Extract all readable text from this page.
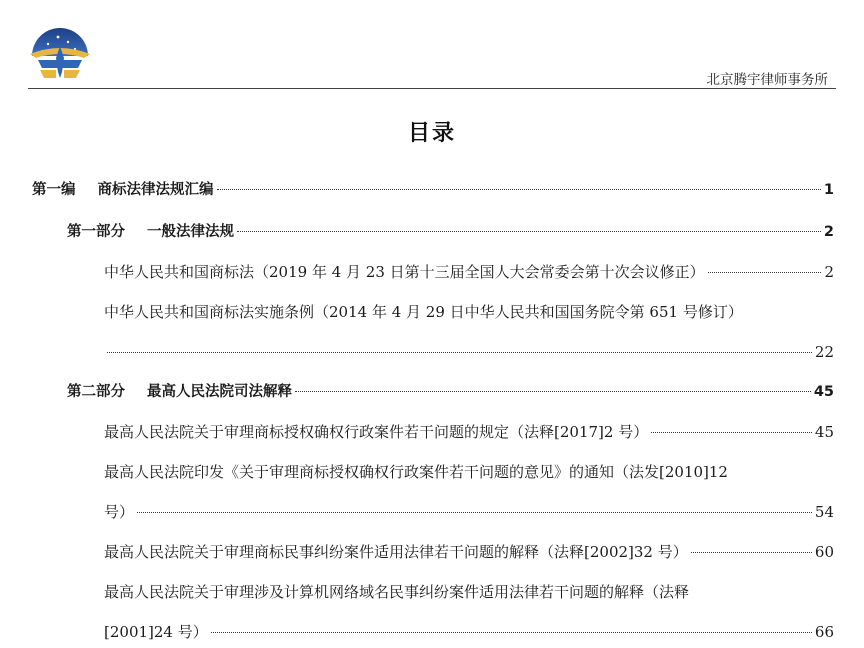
北京腾宇律师事务所
目录
第一编 商标法律法规汇编	1
第一部分 一般法律法规	2
中华人民共和国商标法（2019 年 4 月 23 日第十三届全国人大会常委会第十次会议修正）	2
中华人民共和国商标法实施条例（2014 年 4 月 29 日中华人民共和国国务院令第 651 号修订）
22
第二部分 最高人民法院司法解释	45
最高人民法院关于审理商标授权确权行政案件若干问题的规定（法释[2017]2 号）	45
最高人民法院印发《关于审理商标授权确权行政案件若干问题的意见》的通知（法发[2010]12
号）	54
最高人民法院关于审理商标民事纠纷案件适用法律若干问题的解释（法释[2002]32 号）	60
最高人民法院关于审理涉及计算机网络域名民事纠纷案件适用法律若干问题的解释（法释
[2001]24 号）	66
